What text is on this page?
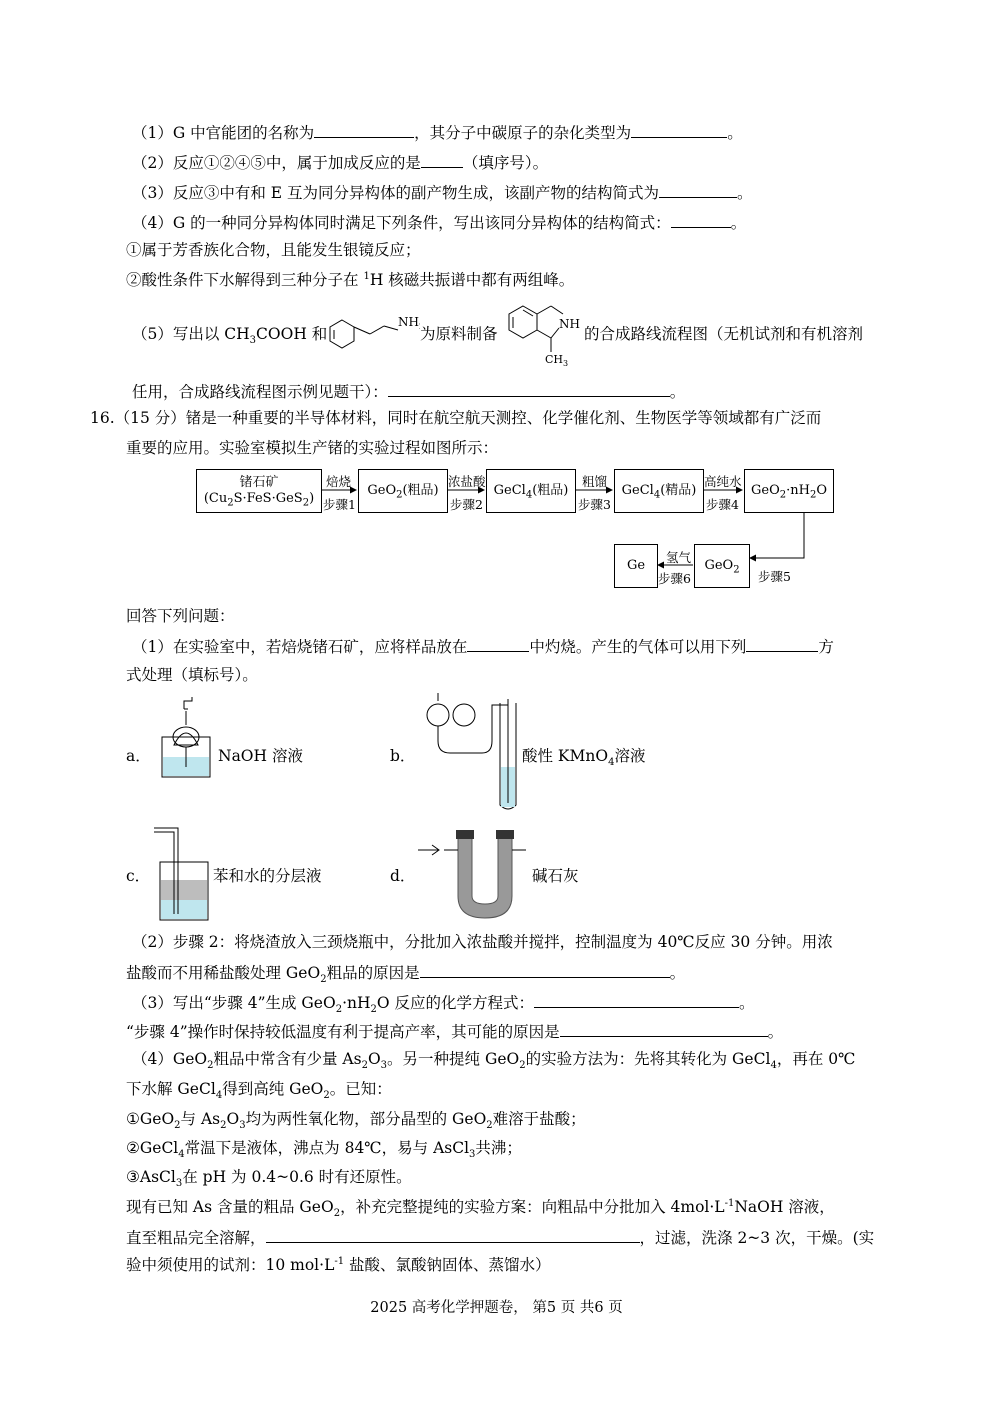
（1）G 中官能团的名称为	，其分子中碳原子的杂化类型为	。
（2）反应①②④⑤中，属于加成反应的是	（填序号）。
（3）反应③中有和 E 互为同分异构体的副产物生成，该副产物的结构简式为	。
（4）G 的一种同分异构体同时满足下列条件，写出该同分异构体的结构简式：	。
①属于芳香族化合物，且能发生银镜反应；
②酸性条件下水解得到三种分子在 $^1$H 核磁共振谱中都有两组峰。
（5）写出以 $CH_3COOH$ 和
NH
为原料制备
NH
$CH_3$
的合成路线流程图（无机试剂和有机溶剂
任用，合成路线流程图示例见题干）：	。
16.（15 分）锗是一种重要的半导体材料，同时在航空航天测控、化学催化剂、生物医学等领域都有广泛而
重要的应用。实验室模拟生产锗的实验过程如图所示：
锗石矿
$(Cu_2S\cdot FeS\cdot GeS_2)$
GeO$_2$(粗品)	GeCl$_4$(粗品)	GeCl$_4$(精品)	$GeO_2\cdot nH_2O$
GeO$_2$
Ge
焙烧
步骤1
浓盐酸
步骤2
粗馏
步骤3
高纯水
步骤4
步骤5
氢气
步骤6
回答下列问题：
（1）在实验室中，若焙烧锗石矿，应将样品放在	中灼烧。产生的气体可以用下列	方
式处理（填标号）。
a．	NaOH 溶液	b．	酸性 KMnO$_4$溶液
c．	苯和水的分层液	d．	碱石灰
（2）步骤 2：将烧渣放入三颈烧瓶中，分批加入浓盐酸并搅拌，控制温度为 40℃反应 30 分钟。用浓
盐酸而不用稀盐酸处理 GeO$_2$粗品的原因是	。
（3）写出“步骤 4”生成 $GeO_2\cdot nH_2O$ 反应的化学方程式：	。
“步骤 4”操作时保持较低温度有利于提高产率，其可能的原因是	。
（4）GeO$_2$粗品中常含有少量 $As_2O_3$。另一种提纯 GeO$_2$的实验方法为：先将其转化为 GeCl$_4$，再在 0℃
下水解 GeCl$_4$得到高纯 GeO$_2$。已知：
①GeO$_2$与 $As_2O_3$均为两性氧化物，部分晶型的 GeO$_2$难溶于盐酸；
②GeCl$_4$常温下是液体，沸点为 84℃，易与 AsCl$_3$共沸；
③AsCl$_3$在 pH 为 0.4~0.6 时有还原性。
现有已知 As 含量的粗品 GeO$_2$，补充完整提纯的实验方案：向粗品中分批加入 $4mol\cdot L^{-1}NaOH$ 溶液，
直至粗品完全溶解，	，过滤，洗涤 2~3 次，干燥。(实
验中须使用的试剂：10 $mol\cdot L^{-1}$ 盐酸、氯酸钠固体、蒸馏水）
2025 高考化学押题卷， 第5 页 共6 页
